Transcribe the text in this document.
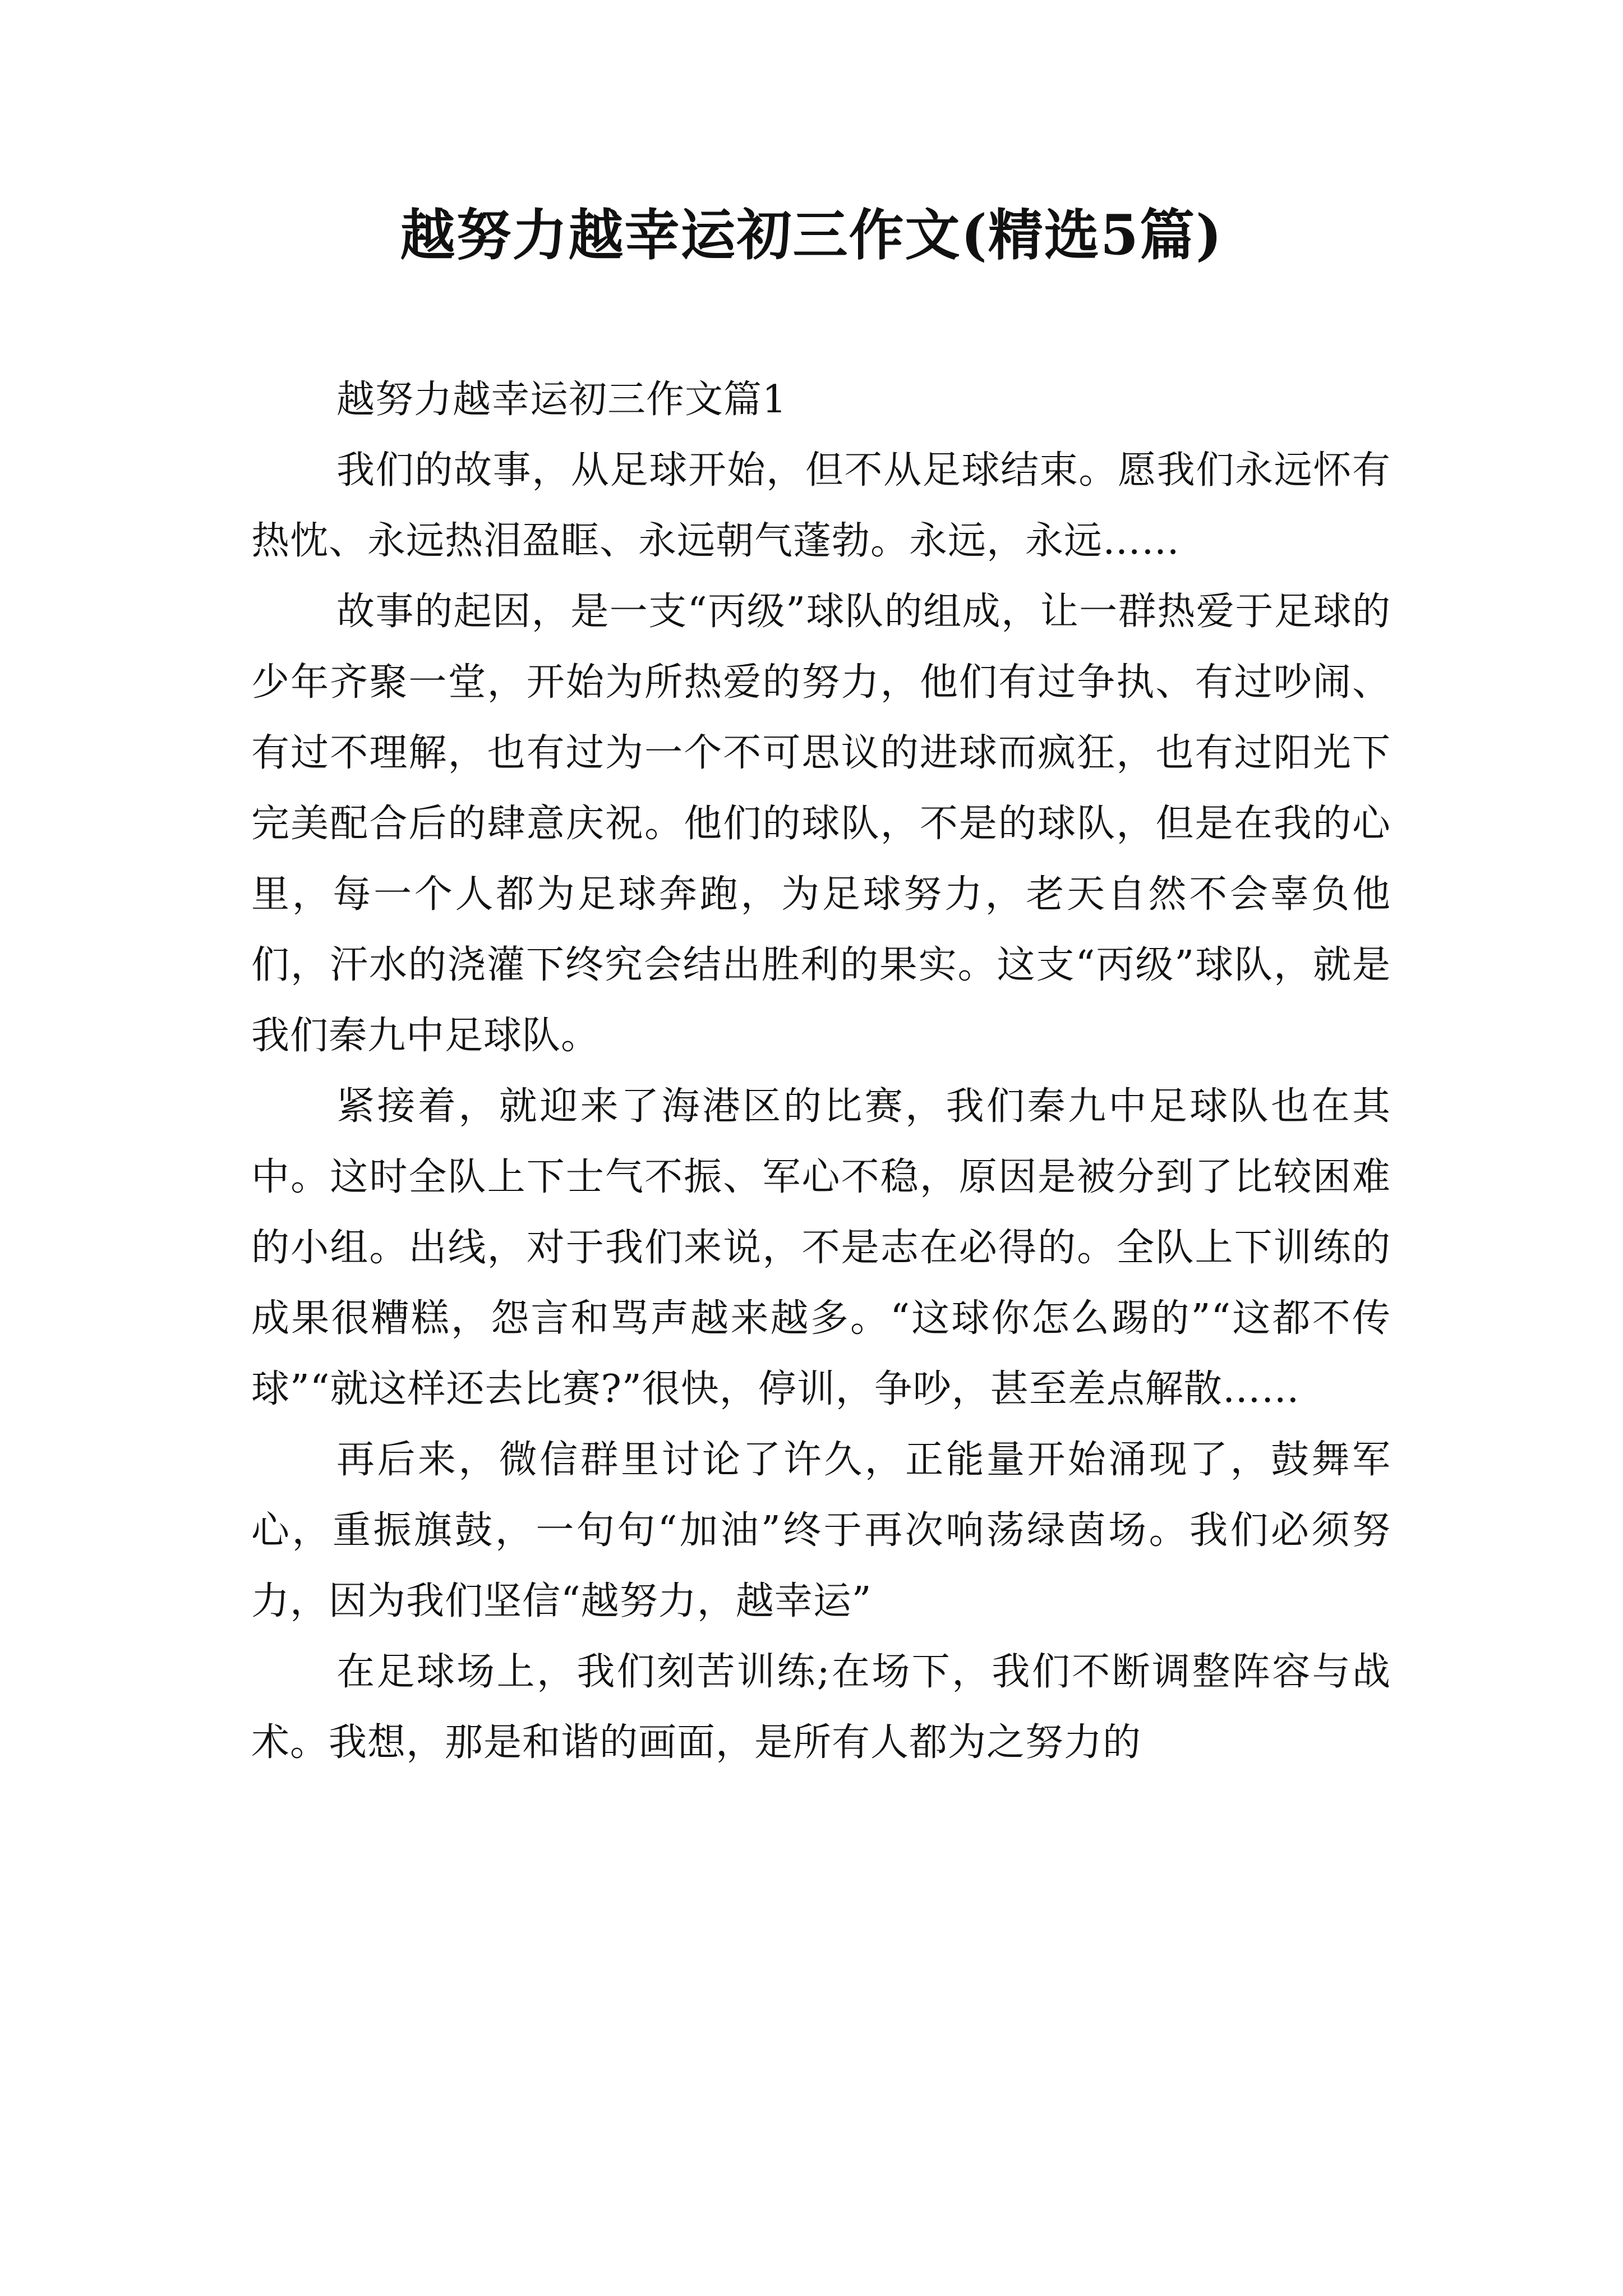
越努力越幸运初三作文(精选5篇)

越努力越幸运初三作文篇1

我们的故事，从足球开始，但不从足球结束。愿我们永远怀有热忱、永远热泪盈眶、永远朝气蓬勃。永远，永远……

故事的起因，是一支“丙级”球队的组成，让一群热爱于足球的少年齐聚一堂，开始为所热爱的努力，他们有过争执、有过吵闹、有过不理解，也有过为一个不可思议的进球而疯狂，也有过阳光下完美配合后的肆意庆祝。他们的球队，不是的球队，但是在我的心里，每一个人都为足球奔跑，为足球努力，老天自然不会辜负他们，汗水的浇灌下终究会结出胜利的果实。这支“丙级”球队，就是我们秦九中足球队。

紧接着，就迎来了海港区的比赛，我们秦九中足球队也在其中。这时全队上下士气不振、军心不稳，原因是被分到了比较困难的小组。出线，对于我们来说，不是志在必得的。全队上下训练的成果很糟糕，怨言和骂声越来越多。“这球你怎么踢的”“这都不传球”“就这样还去比赛?”很快，停训，争吵，甚至差点解散……

再后来，微信群里讨论了许久，正能量开始涌现了，鼓舞军心，重振旗鼓，一句句“加油”终于再次响荡绿茵场。我们必须努力，因为我们坚信“越努力，越幸运”

在足球场上，我们刻苦训练;在场下，我们不断调整阵容与战术。我想，那是和谐的画面，是所有人都为之努力的
